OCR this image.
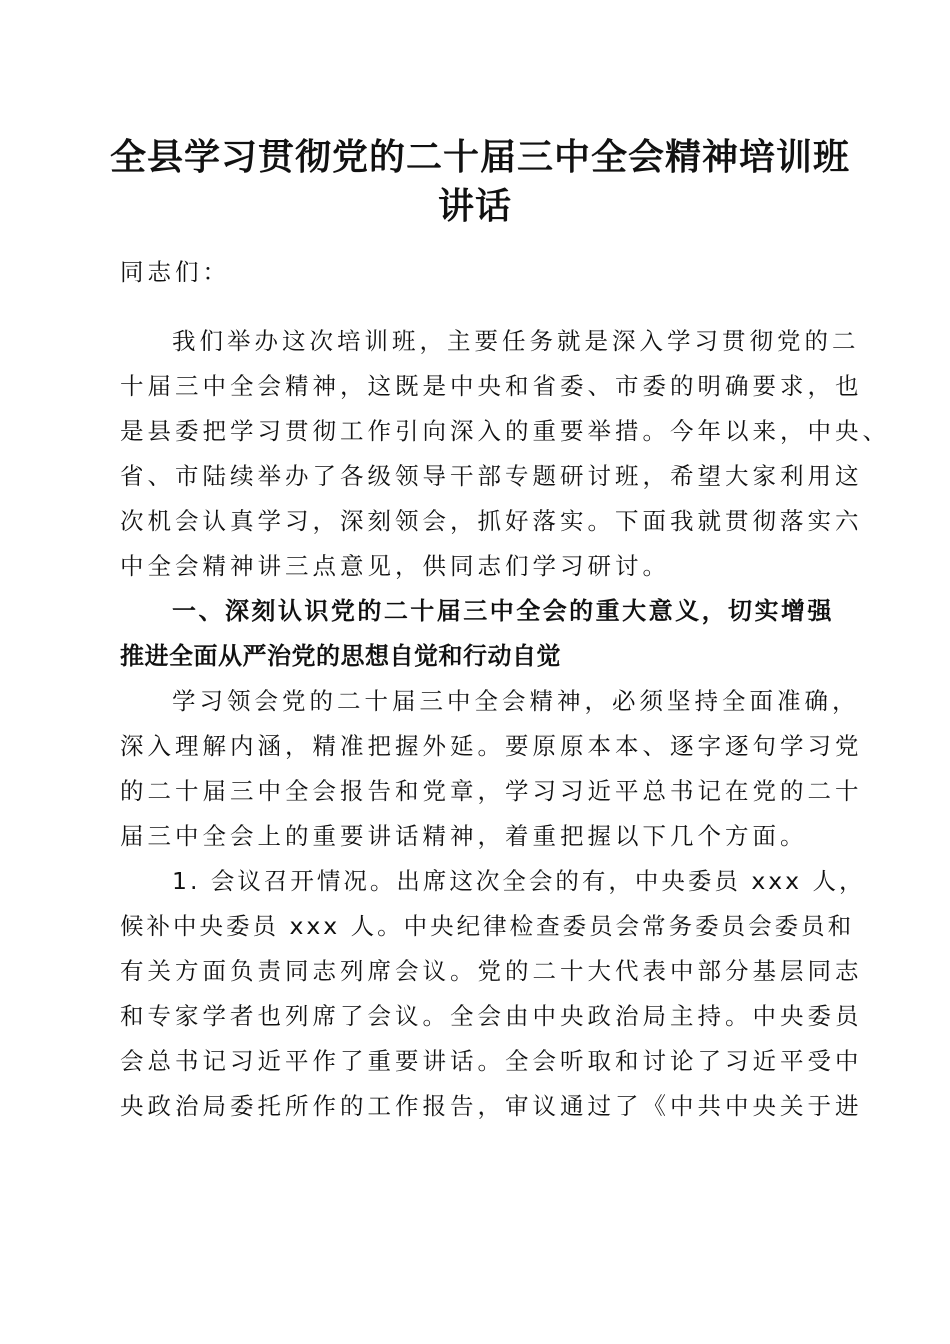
全县学习贯彻党的二十届三中全会精神培训班
讲话

同志们：

我们举办这次培训班，主要任务就是深入学习贯彻党的二

十届三中全会精神，这既是中央和省委、市委的明确要求，也

是县委把学习贯彻工作引向深入的重要举措。今年以来，中央、

省、市陆续举办了各级领导干部专题研讨班，希望大家利用这

次机会认真学习，深刻领会，抓好落实。下面我就贯彻落实六

中全会精神讲三点意见，供同志们学习研讨。

一、深刻认识党的二十届三中全会的重大意义，切实增强

推进全面从严治党的思想自觉和行动自觉

学习领会党的二十届三中全会精神，必须坚持全面准确，

深入理解内涵，精准把握外延。要原原本本、逐字逐句学习党

的二十届三中全会报告和党章，学习习近平总书记在党的二十

届三中全会上的重要讲话精神，着重把握以下几个方面。

1. 会议召开情况。出席这次全会的有，中央委员 xxx 人，

候补中央委员 xxx 人。中央纪律检查委员会常务委员会委员和

有关方面负责同志列席会议。党的二十大代表中部分基层同志

和专家学者也列席了会议。全会由中央政治局主持。中央委员

会总书记习近平作了重要讲话。全会听取和讨论了习近平受中

央政治局委托所作的工作报告，审议通过了《中共中央关于进
